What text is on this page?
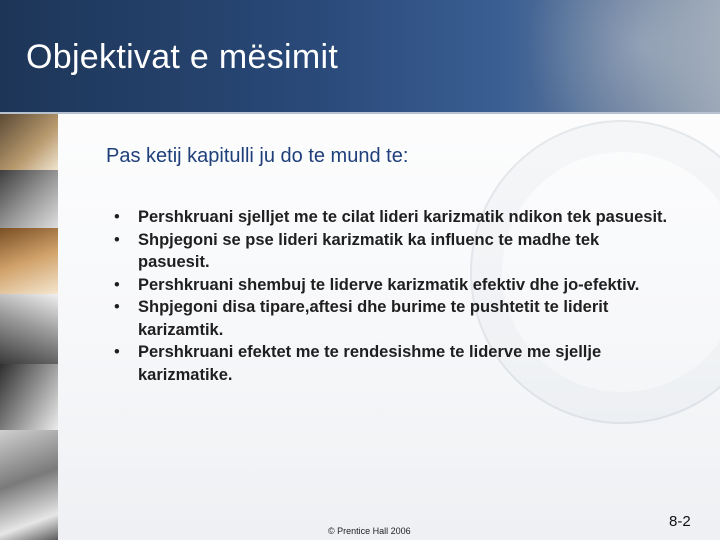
Objektivat e mësimit
Pas ketij kapitulli ju do te mund te:
• Pershkruani sjelljet me te cilat lideri karizmatik ndikon tek pasuesit.
• Shpjegoni se pse lideri karizmatik ka influenc te madhe tek pasuesit.
• Pershkruani shembuj te liderve karizmatik efektiv dhe jo-efektiv.
• Shpjegoni disa tipare,aftesi dhe burime te pushtetit te liderit karizamtik.
• Pershkruani efektet me te rendesishme te liderve me sjellje karizmatike.
© Prentice Hall 2006
8-2
